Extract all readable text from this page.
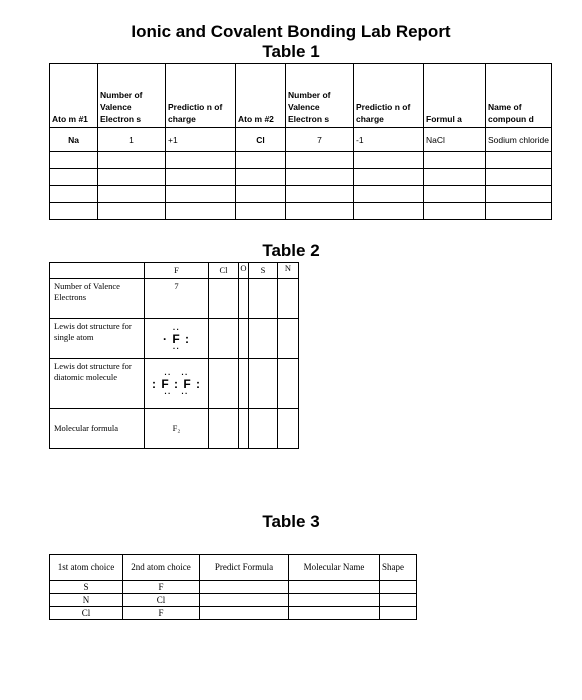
Ionic and Covalent Bonding Lab Report
Table 1
Ato m #1	Number of Valence Electron s	Predictio n of charge	Ato m #2	Number of Valence Electron s	Predictio n of charge	Formul a	Name of compoun d
Na	1	+1	Cl	7	-1	NaCl	Sodium chloride

Table 2
	F	Cl	O	S	N
Number of Valence Electrons	7				
Lewis dot structure for single atom	··
· F :
··				

Lewis dot structure for diatomic molecule	··   ··
: F : F :
··   ··				

Molecular formula	F₂				
Table 3
1st atom choice	2nd atom choice	Predict Formula	Molecular Name	Shape
S	F			
N	Cl			
Cl	F			
